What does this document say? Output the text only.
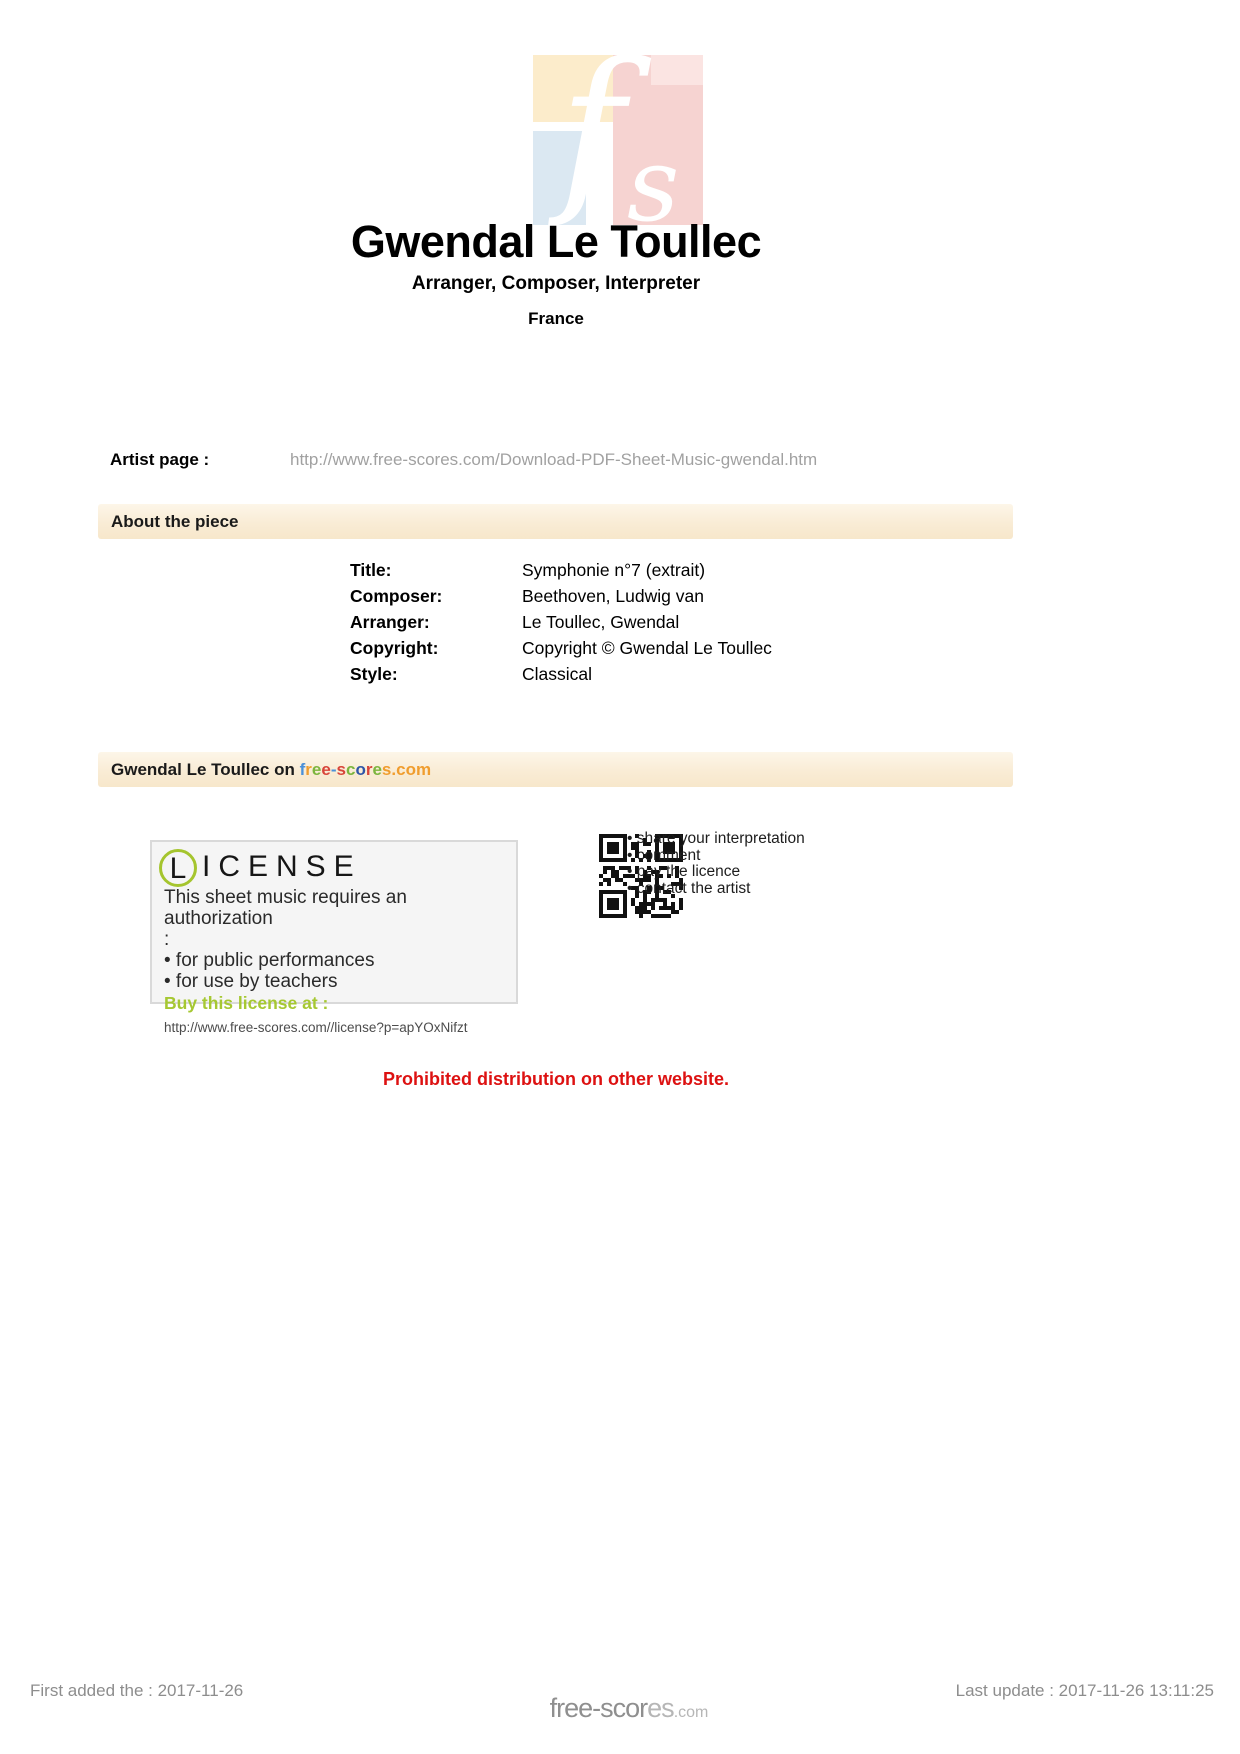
f s
Gwendal Le Toullec
Arranger, Composer, Interpreter
France
Artist page :	http://www.free-scores.com/Download-PDF-Sheet-Music-gwendal.htm
About the piece
Title:	Symphonie n°7 (extrait)
Composer:	Beethoven, Ludwig van
Arranger:	Le Toullec, Gwendal
Copyright:	Copyright © Gwendal Le Toullec
Style:	Classical
Gwendal Le Toullec on free-scores.com
L ICENSE
This sheet music requires an authorization
:
• for public performances
• for use by teachers
Buy this license at :
http://www.free-scores.com//license?p=apYOxNifzt
• share your interpretation
• comment
• pay the licence
• contact the artist
Prohibited distribution on other website.
First added the : 2017-11-26	Last update : 2017-11-26 13:11:25
free-scores.com
